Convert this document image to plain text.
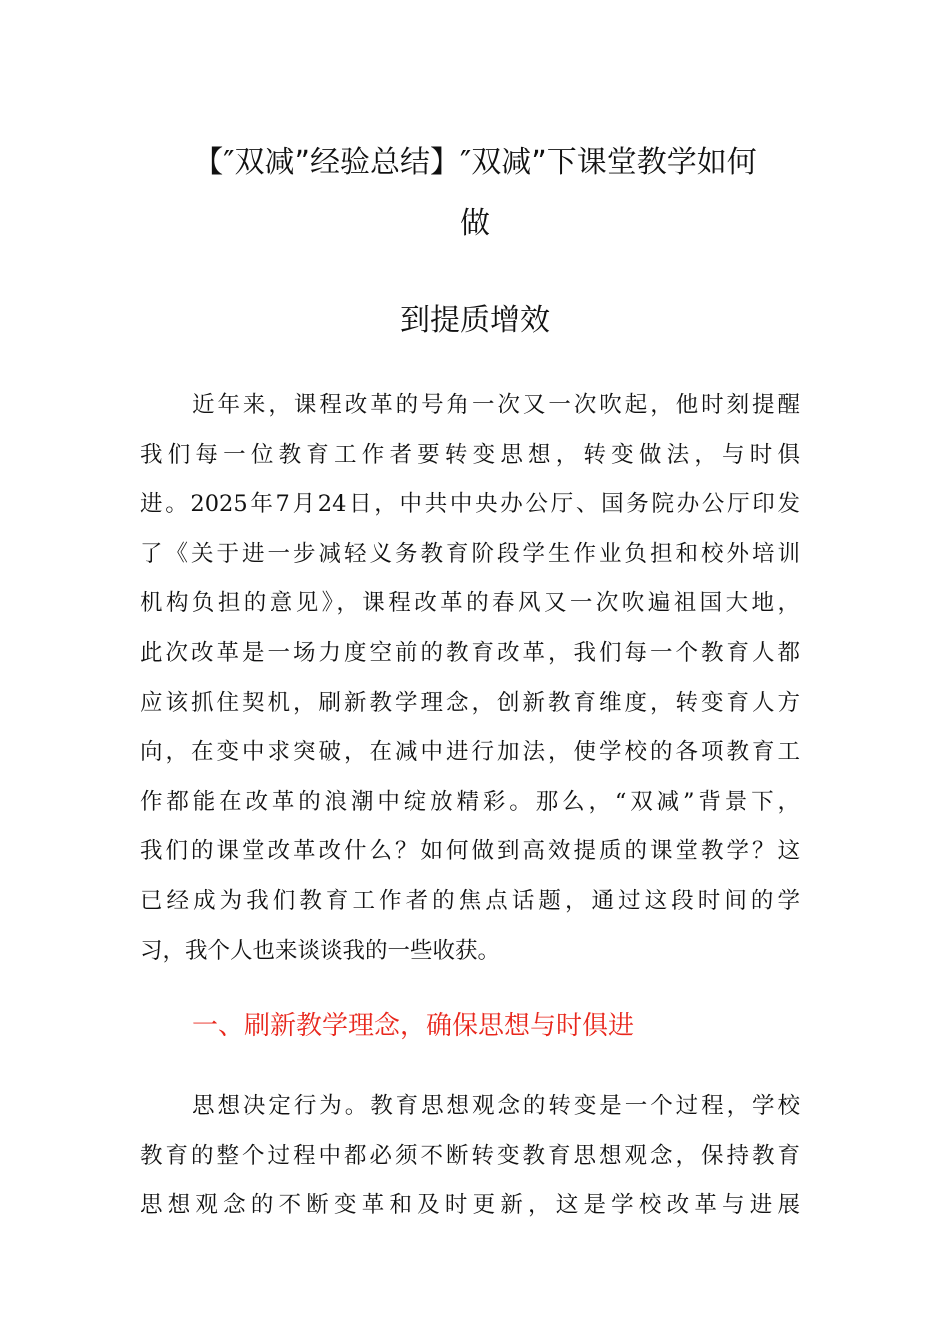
【″双减”经验总结】″双减”下课堂教学如何
做
到提质增效
近年来，课程改革的号角一次又一次吹起，他时刻提醒
我们每一位教育工作者要转变思想，转变做法，与时俱
进。2025年7月24日，中共中央办公厅、国务院办公厅印发
了《关于进一步减轻义务教育阶段学生作业负担和校外培训
机构负担的意见》，课程改革的春风又一次吹遍祖国大地，
此次改革是一场力度空前的教育改革，我们每一个教育人都
应该抓住契机，刷新教学理念，创新教育维度，转变育人方
向，在变中求突破，在减中进行加法，使学校的各项教育工
作都能在改革的浪潮中绽放精彩。那么，“双减”背景下，
我们的课堂改革改什么？如何做到高效提质的课堂教学？这
已经成为我们教育工作者的焦点话题，通过这段时间的学
习，我个人也来谈谈我的一些收获。
一、刷新教学理念，确保思想与时俱进
思想决定行为。教育思想观念的转变是一个过程，学校
教育的整个过程中都必须不断转变教育思想观念，保持教育
思想观念的不断变革和及时更新，这是学校改革与进展
